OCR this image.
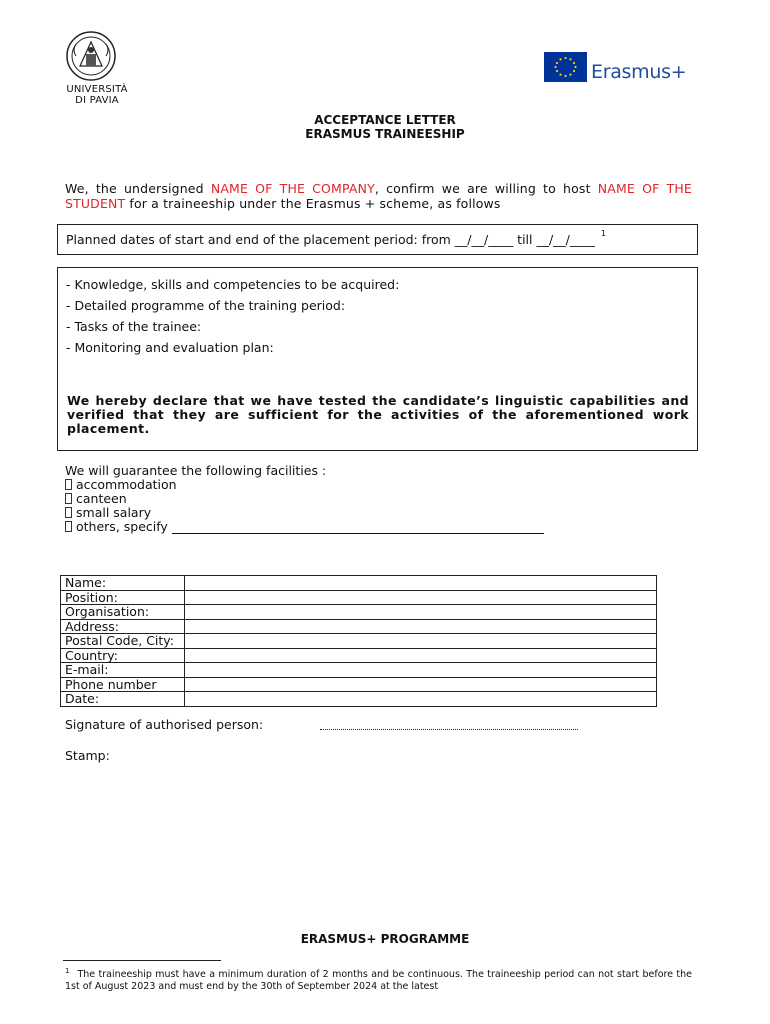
UNIVERSITÀ
DI PAVIA
Erasmus+
ACCEPTANCE LETTER
ERASMUS TRAINEESHIP
We, the undersigned NAME OF THE COMPANY, confirm we are willing to host NAME OF THE STUDENT for a traineeship under the Erasmus + scheme, as follows
Planned dates of start and end of the placement period: from __/__/____ till __/__/____ $^1$
- Knowledge, skills and competencies to be acquired:
- Detailed programme of the training period:
- Tasks of the trainee:
- Monitoring and evaluation plan:
We hereby declare that we have tested the candidate’s linguistic capabilities and verified that they are sufficient for the activities of the aforementioned work placement.
We will guarantee the following facilities :
accommodation
canteen
small salary
others, specify
Name:	
Position:	
Organisation:	
Address:	
Postal Code, City:	
Country:	
E-mail:	
Phone number	
Date:	
Signature of authorised person:
Stamp:
ERASMUS+ PROGRAMME
$^1$ The traineeship must have a minimum duration of 2 months and be continuous. The traineeship period can not start before the 1st of August 2023 and must end by the 30th of September 2024 at the latest
